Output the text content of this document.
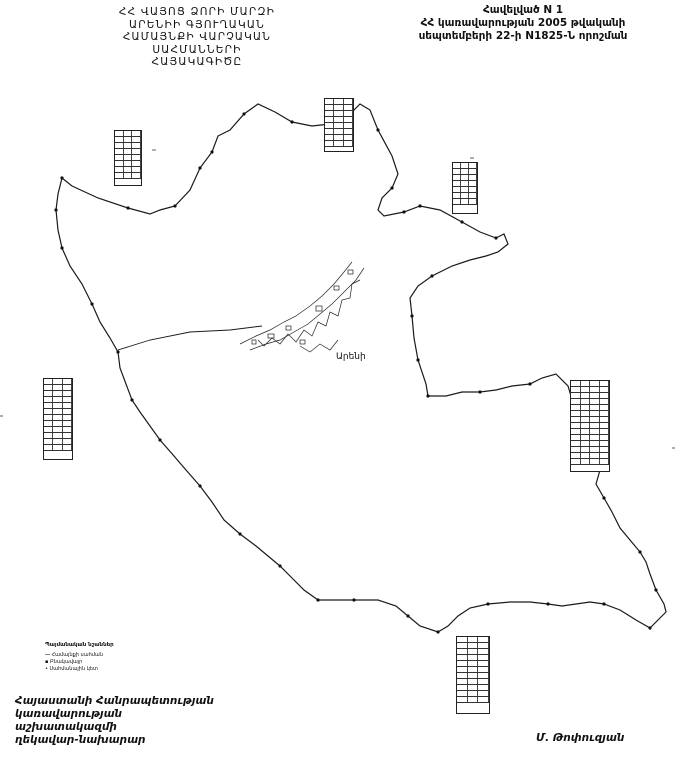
ՀՀ ՎԱՅՈՑ ՁՈՐԻ ՄԱՐԶԻ ԱՐԵՆԻԻ ԳՅՈՒՂԱԿԱՆ ՀԱՄԱՅՆՔԻ ՎԱՐՉԱԿԱՆ ՍԱՀՄԱՆՆԵՐԻ ՀԱՅԱԿԱԳԻԾԸ
Հավելված N 1
ՀՀ կառավարության 2005 թվականի
սեպտեմբերի 22-ի N1825-Ն որոշման
Արենի
Պայմանական նշաններ
⎯⎯ Համայնքի սահման
▪ Բնակավայր
• Սահմանային կետ
Հայաստանի Հանրապետության
կառավարության աշխատակազմի
ղեկավար-նախարար	Մ. Թոփուզյան
